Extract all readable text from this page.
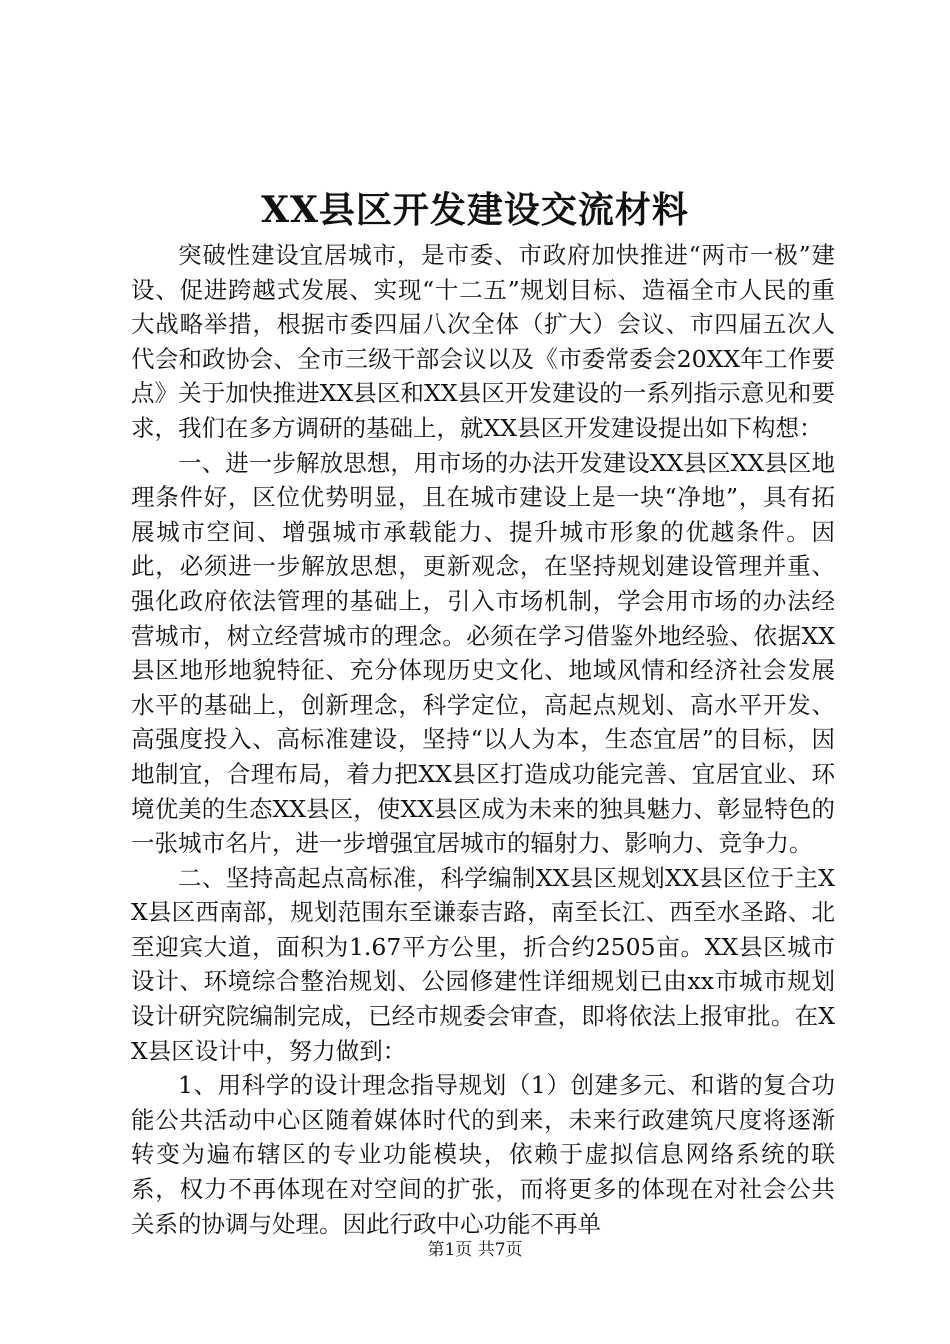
XX县区开发建设交流材料

突破性建设宜居城市，是市委、市政府加快推进“两市一极”建设、促进跨越式发展、实现“十二五”规划目标、造福全市人民的重大战略举措，根据市委四届八次全体（扩大）会议、市四届五次人代会和政协会、全市三级干部会议以及《市委常委会20XX年工作要点》关于加快推进XX县区和XX县区开发建设的一系列指示意见和要求，我们在多方调研的基础上，就XX县区开发建设提出如下构想：

一、进一步解放思想，用市场的办法开发建设XX县区XX县区地理条件好，区位优势明显，且在城市建设上是一块“净地”，具有拓展城市空间、增强城市承载能力、提升城市形象的优越条件。因此，必须进一步解放思想，更新观念，在坚持规划建设管理并重、强化政府依法管理的基础上，引入市场机制，学会用市场的办法经营城市，树立经营城市的理念。必须在学习借鉴外地经验、依据XX县区地形地貌特征、充分体现历史文化、地域风情和经济社会发展水平的基础上，创新理念，科学定位，高起点规划、高水平开发、高强度投入、高标准建设，坚持“以人为本，生态宜居”的目标，因地制宜，合理布局，着力把XX县区打造成功能完善、宜居宜业、环境优美的生态XX县区，使XX县区成为未来的独具魅力、彰显特色的一张城市名片，进一步增强宜居城市的辐射力、影响力、竞争力。

二、坚持高起点高标准，科学编制XX县区规划XX县区位于主XX县区西南部，规划范围东至谦泰吉路，南至长江、西至水圣路、北至迎宾大道，面积为1.67平方公里，折合约2505亩。XX县区城市设计、环境综合整治规划、公园修建性详细规划已由xx市城市规划设计研究院编制完成，已经市规委会审查，即将依法上报审批。在XX县区设计中，努力做到：

1、用科学的设计理念指导规划（1）创建多元、和谐的复合功能公共活动中心区随着媒体时代的到来，未来行政建筑尺度将逐渐转变为遍布辖区的专业功能模块，依赖于虚拟信息网络系统的联系，权力不再体现在对空间的扩张，而将更多的体现在对社会公共关系的协调与处理。因此行政中心功能不再单

第1页 共7页
